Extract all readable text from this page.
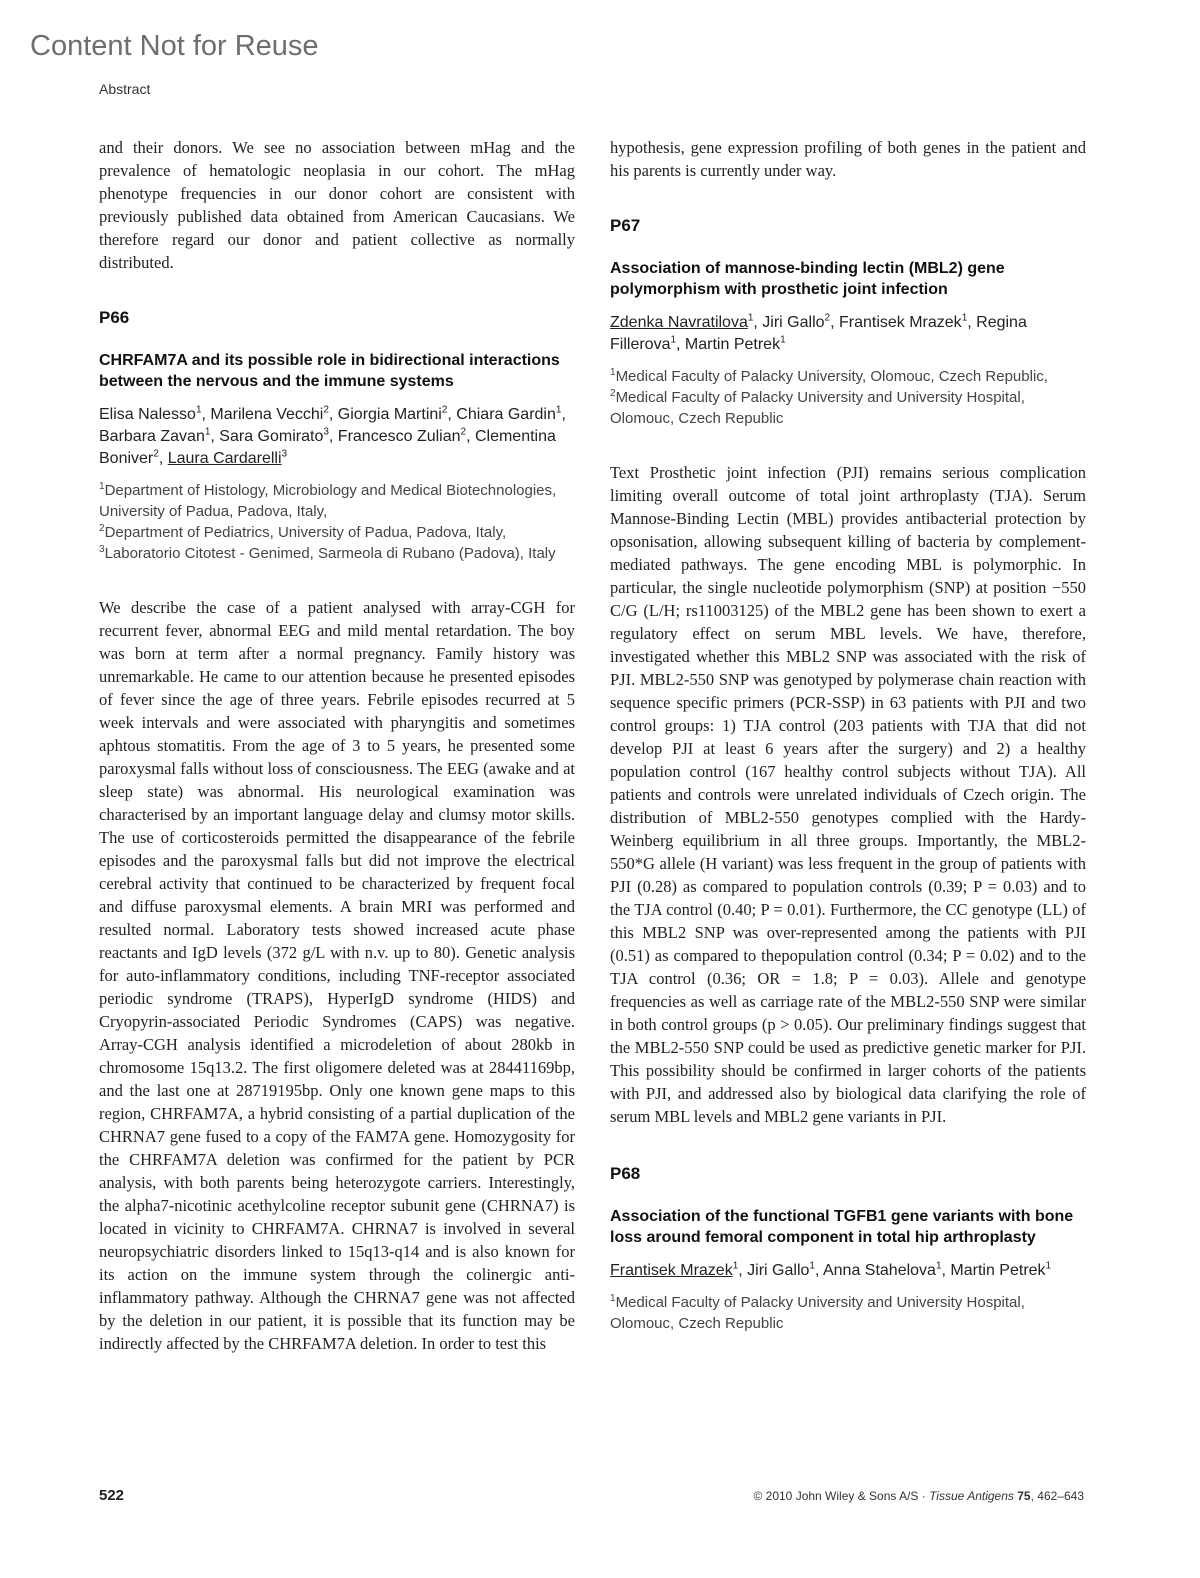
Content Not for Reuse
Abstract

and their donors. We see no association between mHag and the prevalence of hematologic neoplasia in our cohort. The mHag phenotype frequencies in our donor cohort are consistent with previously published data obtained from American Caucasians. We therefore regard our donor and patient collective as normally distributed.

P66
CHRFAM7A and its possible role in bidirectional interactions between the nervous and the immune systems
Elisa Nalesso$^1$, Marilena Vecchi$^2$, Giorgia Martini$^2$, Chiara Gardin$^1$, Barbara Zavan$^1$, Sara Gomirato$^3$, Francesco Zulian$^2$, Clementina Boniver$^2$, Laura Cardarelli$^3$
$^1$Department of Histology, Microbiology and Medical Biotechnologies, University of Padua, Padova, Italy,
$^2$Department of Pediatrics, University of Padua, Padova, Italy,
$^3$Laboratorio Citotest - Genimed, Sarmeola di Rubano (Padova), Italy

We describe the case of a patient analysed with array-CGH for recurrent fever, abnormal EEG and mild mental retardation. The boy was born at term after a normal pregnancy. Family history was unremarkable. He came to our attention because he presented episodes of fever since the age of three years. Febrile episodes recurred at 5 week intervals and were associated with pharyngitis and sometimes aphtous stomatitis. From the age of 3 to 5 years, he presented some paroxysmal falls without loss of consciousness. The EEG (awake and at sleep state) was abnormal. His neurological examination was characterised by an important language delay and clumsy motor skills. The use of corticosteroids permitted the disappearance of the febrile episodes and the paroxysmal falls but did not improve the electrical cerebral activity that continued to be characterized by frequent focal and diffuse paroxysmal elements. A brain MRI was performed and resulted normal. Laboratory tests showed increased acute phase reactants and IgD levels (372 g/L with n.v. up to 80). Genetic analysis for auto-inflammatory conditions, including TNF-receptor associated periodic syndrome (TRAPS), HyperIgD syndrome (HIDS) and Cryopyrin-associated Periodic Syndromes (CAPS) was negative. Array-CGH analysis identified a microdeletion of about 280kb in chromosome 15q13.2. The first oligomere deleted was at 28441169bp, and the last one at 28719195bp. Only one known gene maps to this region, CHRFAM7A, a hybrid consisting of a partial duplication of the CHRNA7 gene fused to a copy of the FAM7A gene. Homozygosity for the CHRFAM7A deletion was confirmed for the patient by PCR analysis, with both parents being heterozygote carriers. Interestingly, the alpha7-nicotinic acethylcoline receptor subunit gene (CHRNA7) is located in vicinity to CHRFAM7A. CHRNA7 is involved in several neuropsychiatric disorders linked to 15q13-q14 and is also known for its action on the immune system through the colinergic anti-inflammatory pathway. Although the CHRNA7 gene was not affected by the deletion in our patient, it is possible that its function may be indirectly affected by the CHRFAM7A deletion. In order to test this

hypothesis, gene expression profiling of both genes in the patient and his parents is currently under way.

P67
Association of mannose-binding lectin (MBL2) gene polymorphism with prosthetic joint infection
Zdenka Navratilova$^1$, Jiri Gallo$^2$, Frantisek Mrazek$^1$, Regina Fillerova$^1$, Martin Petrek$^1$
$^1$Medical Faculty of Palacky University, Olomouc, Czech Republic, $^2$Medical Faculty of Palacky University and University Hospital, Olomouc, Czech Republic

Text Prosthetic joint infection (PJI) remains serious complication limiting overall outcome of total joint arthroplasty (TJA). Serum Mannose-Binding Lectin (MBL) provides antibacterial protection by opsonisation, allowing subsequent killing of bacteria by complement-mediated pathways. The gene encoding MBL is polymorphic. In particular, the single nucleotide polymorphism (SNP) at position −550 C/G (L/H; rs11003125) of the MBL2 gene has been shown to exert a regulatory effect on serum MBL levels. We have, therefore, investigated whether this MBL2 SNP was associated with the risk of PJI. MBL2-550 SNP was genotyped by polymerase chain reaction with sequence specific primers (PCR-SSP) in 63 patients with PJI and two control groups: 1) TJA control (203 patients with TJA that did not develop PJI at least 6 years after the surgery) and 2) a healthy population control (167 healthy control subjects without TJA). All patients and controls were unrelated individuals of Czech origin. The distribution of MBL2-550 genotypes complied with the Hardy-Weinberg equilibrium in all three groups. Importantly, the MBL2-550*G allele (H variant) was less frequent in the group of patients with PJI (0.28) as compared to population controls (0.39; P = 0.03) and to the TJA control (0.40; P = 0.01). Furthermore, the CC genotype (LL) of this MBL2 SNP was over-represented among the patients with PJI (0.51) as compared to thepopulation control (0.34; P = 0.02) and to the TJA control (0.36; OR = 1.8; P = 0.03). Allele and genotype frequencies as well as carriage rate of the MBL2-550 SNP were similar in both control groups (p > 0.05). Our preliminary findings suggest that the MBL2-550 SNP could be used as predictive genetic marker for PJI. This possibility should be confirmed in larger cohorts of the patients with PJI, and addressed also by biological data clarifying the role of serum MBL levels and MBL2 gene variants in PJI.

P68
Association of the functional TGFB1 gene variants with bone loss around femoral component in total hip arthroplasty
Frantisek Mrazek$^1$, Jiri Gallo$^1$, Anna Stahelova$^1$, Martin Petrek$^1$
$^1$Medical Faculty of Palacky University and University Hospital, Olomouc, Czech Republic
522	© 2010 John Wiley & Sons A/S · Tissue Antigens 75, 462–643
